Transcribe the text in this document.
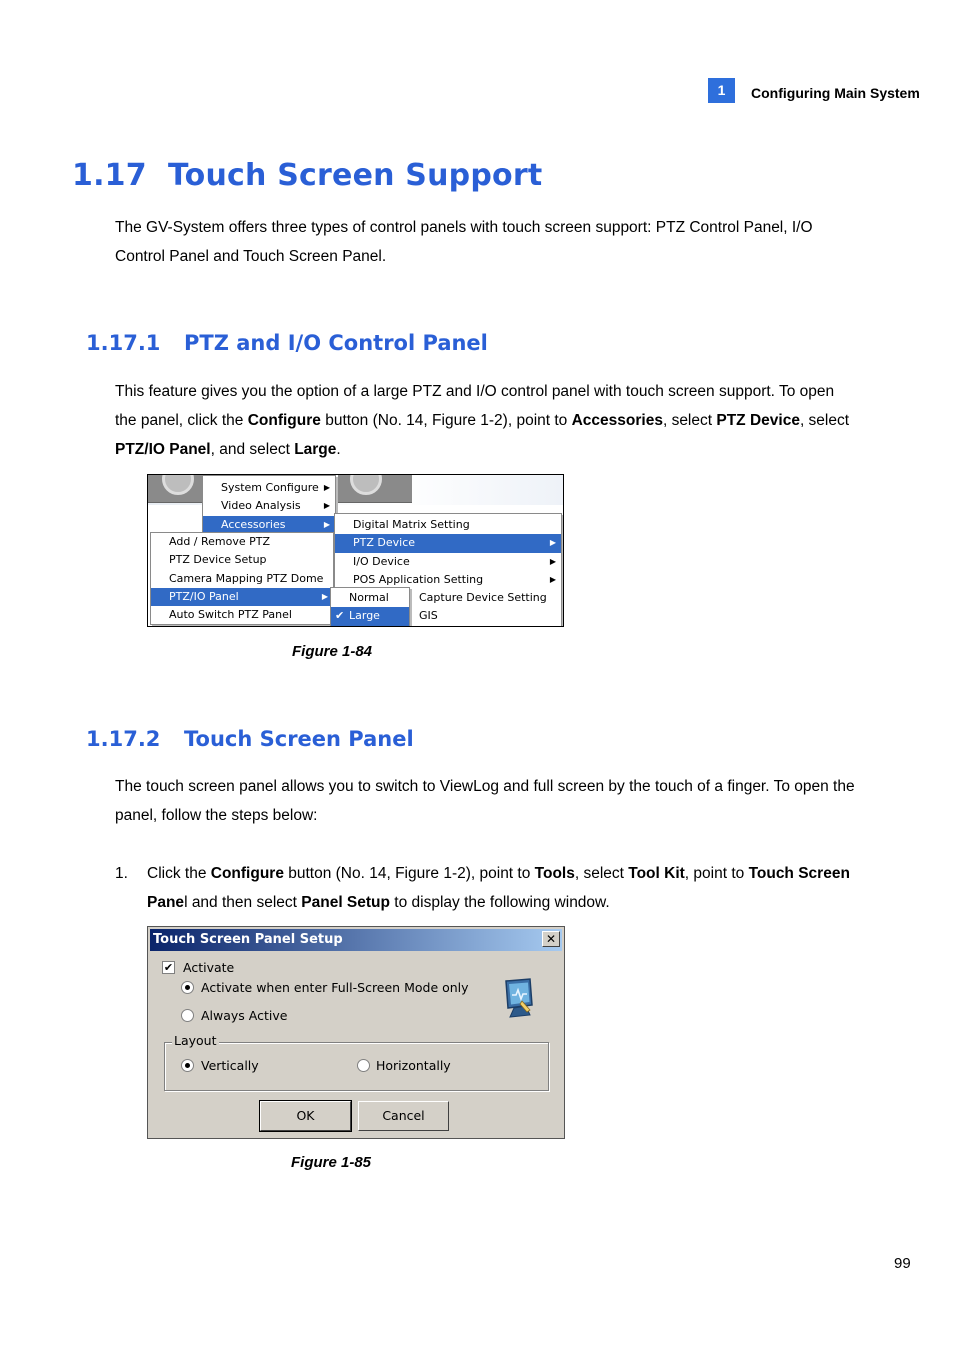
1	Configuring Main System
1.17 Touch Screen Support
The GV-System offers three types of control panels with touch screen support: PTZ Control Panel, I/O Control Panel and Touch Screen Panel.
1.17.1 PTZ and I/O Control Panel
This feature gives you the option of a large PTZ and I/O control panel with touch screen support. To open the panel, click the Configure button (No. 14, Figure 1-2), point to Accessories, select PTZ Device, select PTZ/IO Panel, and select Large.
System Configure ▶
Video Analysis	▶
Accessories	▶
Add / Remove PTZ
PTZ Device Setup
Camera Mapping PTZ Dome
PTZ/IO Panel	▶
Auto Switch PTZ Panel
Digital Matrix Setting
PTZ Device	▶
I/O Device	▶
POS Application Setting	▶
Capture Device Setting
GIS
Normal
✔ Large
Figure 1-84
1.17.2 Touch Screen Panel
The touch screen panel allows you to switch to ViewLog and full screen by the touch of a finger. To open the panel, follow the steps below:
1. Click the Configure button (No. 14, Figure 1-2), point to Tools, select Tool Kit, point to Touch Screen Panel and then select Panel Setup to display the following window.
Touch Screen Panel Setup	✕
✔ Activate
Activate when enter Full-Screen Mode only
Always Active
Layout
Vertically	Horizontally
OK	Cancel
Figure 1-85
99
